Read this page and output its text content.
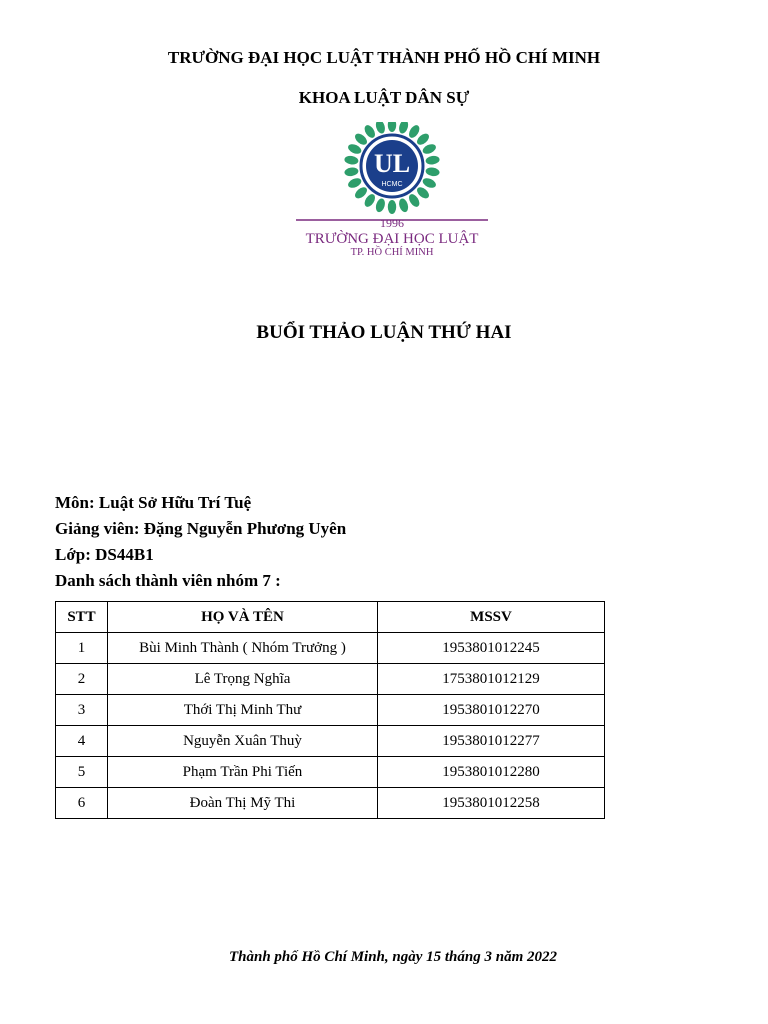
TRƯỜNG ĐẠI HỌC LUẬT THÀNH PHỐ HỒ CHÍ MINH
KHOA LUẬT DÂN SỰ
UL
HCMC
1996
TRƯỜNG ĐẠI HỌC LUẬT
TP. HỒ CHÍ MINH
BUỔI THẢO LUẬN THỨ HAI
Môn: Luật Sở Hữu Trí Tuệ
Giảng viên: Đặng Nguyễn Phương Uyên
Lớp: DS44B1
Danh sách thành viên nhóm 7 :
STT	HỌ VÀ TÊN	MSSV
1	Bùi Minh Thành ( Nhóm Trưởng )	1953801012245
2	Lê Trọng Nghĩa	1753801012129
3	Thới Thị Minh Thư	1953801012270
4	Nguyễn Xuân Thuỳ	1953801012277
5	Phạm Trần Phi Tiến	1953801012280
6	Đoàn Thị Mỹ Thi	1953801012258
Thành phố Hồ Chí Minh, ngày 15 tháng 3 năm 2022
